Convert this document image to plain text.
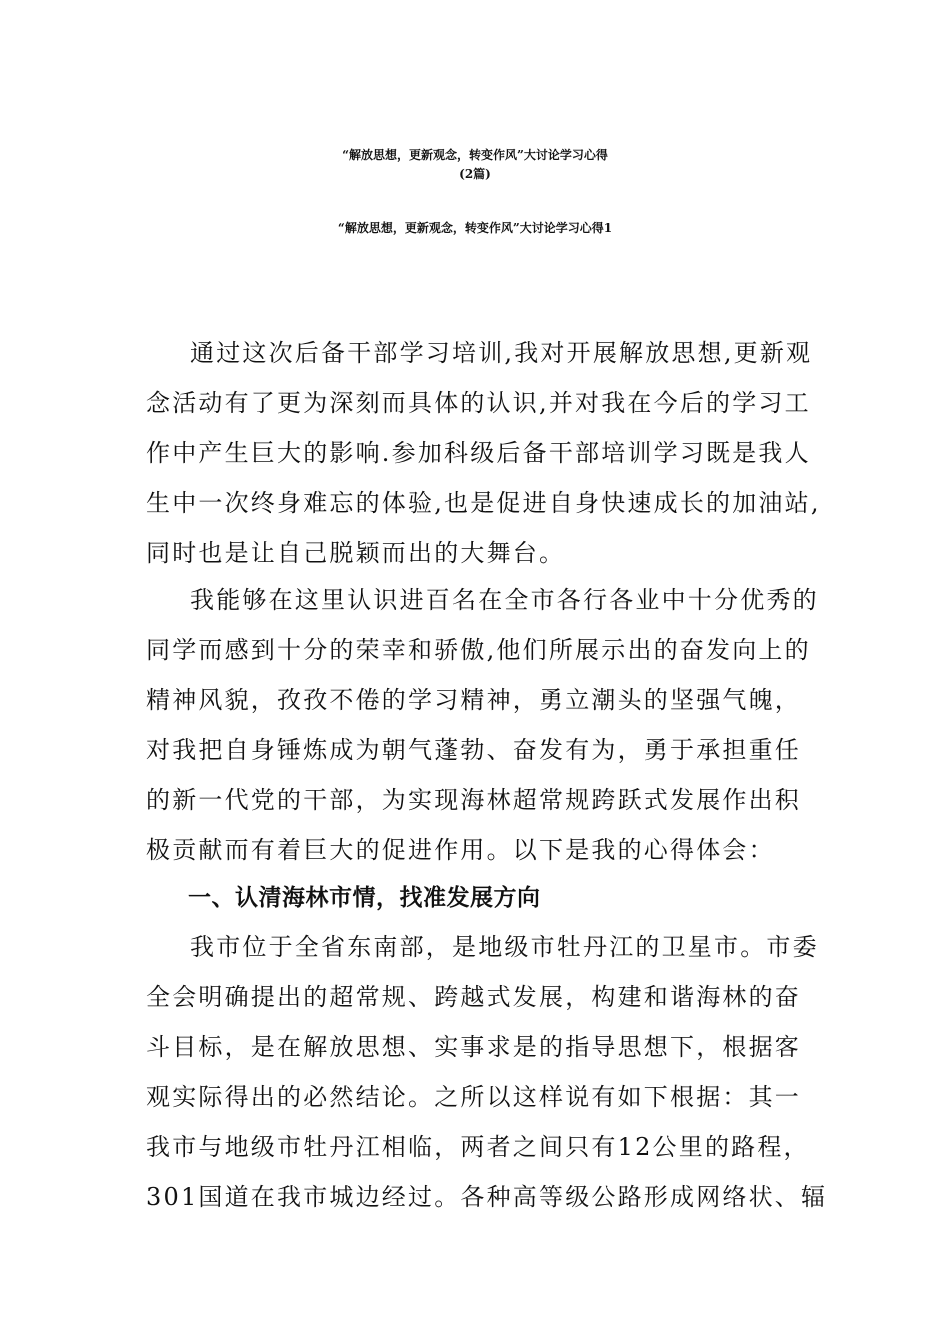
“解放思想，更新观念，转变作风”大讨论学习心得
(2篇)
“解放思想，更新观念，转变作风”大讨论学习心得1
通过这次后备干部学习培训,我对开展解放思想,更新观
念活动有了更为深刻而具体的认识,并对我在今后的学习工
作中产生巨大的影响.参加科级后备干部培训学习既是我人
生中一次终身难忘的体验,也是促进自身快速成长的加油站,
同时也是让自己脱颖而出的大舞台。
我能够在这里认识进百名在全市各行各业中十分优秀的
同学而感到十分的荣幸和骄傲,他们所展示出的奋发向上的
精神风貌，孜孜不倦的学习精神，勇立潮头的坚强气魄，
对我把自身锤炼成为朝气蓬勃、奋发有为，勇于承担重任
的新一代党的干部，为实现海林超常规跨跃式发展作出积
极贡献而有着巨大的促进作用。以下是我的心得体会：
一、认清海林市情，找准发展方向
我市位于全省东南部，是地级市牡丹江的卫星市。市委
全会明确提出的超常规、跨越式发展，构建和谐海林的奋
斗目标，是在解放思想、实事求是的指导思想下，根据客
观实际得出的必然结论。之所以这样说有如下根据：其一
我市与地级市牡丹江相临，两者之间只有12公里的路程，
301国道在我市城边经过。各种高等级公路形成网络状、辐
